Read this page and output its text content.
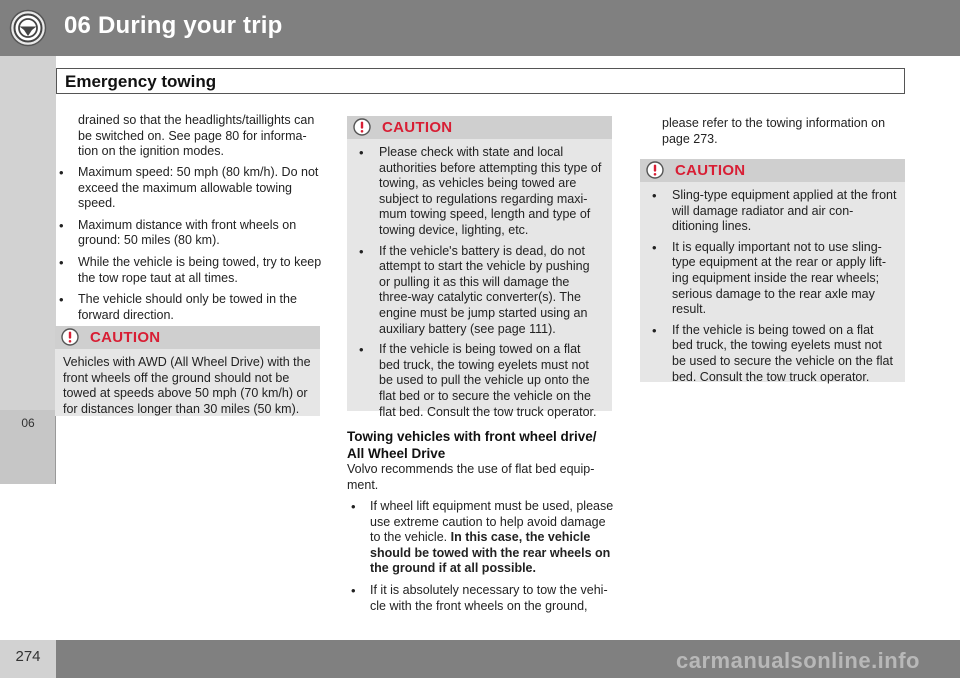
06 During your trip
Emergency towing
06
drained so that the headlights/taillights can be switched on. See page 80 for informa-tion on the ignition modes.
• Maximum speed: 50 mph (80 km/h). Do not exceed the maximum allowable towing speed.
• Maximum distance with front wheels on ground: 50 miles (80 km).
• While the vehicle is being towed, try to keep the tow rope taut at all times.
• The vehicle should only be towed in the forward direction.
CAUTION
Vehicles with AWD (All Wheel Drive) with the front wheels off the ground should not be towed at speeds above 50 mph (70 km/h) or for distances longer than 30 miles (50 km).
CAUTION
• Please check with state and local authorities before attempting this type of towing, as vehicles being towed are subject to regulations regarding maxi-mum towing speed, length and type of towing device, lighting, etc.
• If the vehicle's battery is dead, do not attempt to start the vehicle by pushing or pulling it as this will damage the three-way catalytic converter(s). The engine must be jump started using an auxiliary battery (see page 111).
• If the vehicle is being towed on a flat bed truck, the towing eyelets must not be used to pull the vehicle up onto the flat bed or to secure the vehicle on the flat bed. Consult the tow truck operator.
Towing vehicles with front wheel drive/ All Wheel Drive
Volvo recommends the use of flat bed equip-ment.
• If wheel lift equipment must be used, please use extreme caution to help avoid damage to the vehicle. In this case, the vehicle should be towed with the rear wheels on the ground if at all possible.
• If it is absolutely necessary to tow the vehi-cle with the front wheels on the ground,
please refer to the towing information on page 273.
CAUTION
• Sling-type equipment applied at the front will damage radiator and air con-ditioning lines.
• It is equally important not to use sling-type equipment at the rear or apply lift-ing equipment inside the rear wheels; serious damage to the rear axle may result.
• If the vehicle is being towed on a flat bed truck, the towing eyelets must not be used to secure the vehicle on the flat bed. Consult the tow truck operator.
274	carmanualsonline.info
